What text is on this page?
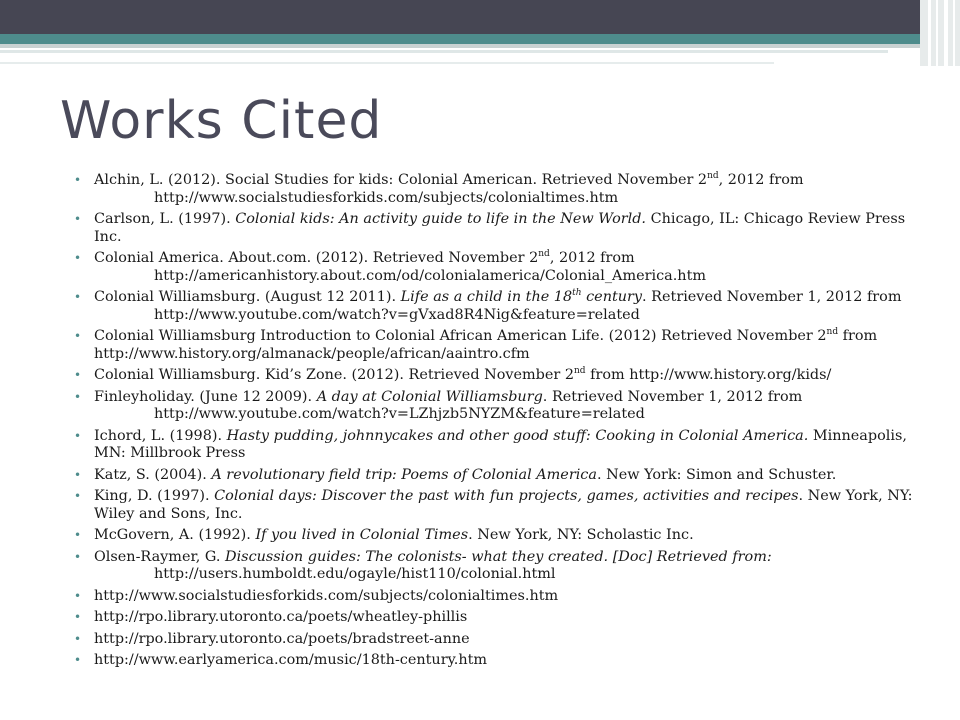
Works Cited
• Alchin, L. (2012). Social Studies for kids: Colonial American. Retrieved November 2nd, 2012 from
http://www.socialstudiesforkids.com/subjects/colonialtimes.htm
• Carlson, L. (1997). Colonial kids: An activity guide to life in the New World. Chicago, IL: Chicago Review Press
Inc.
• Colonial America. About.com. (2012). Retrieved November 2nd, 2012 from
http://americanhistory.about.com/od/colonialamerica/Colonial_America.htm
• Colonial Williamsburg. (August 12 2011). Life as a child in the 18th century. Retrieved November 1, 2012 from
http://www.youtube.com/watch?v=gVxad8R4Nig&feature=related
• Colonial Williamsburg Introduction to Colonial African American Life. (2012) Retrieved November 2nd from
http://www.history.org/almanack/people/african/aaintro.cfm
• Colonial Williamsburg. Kid’s Zone. (2012). Retrieved November 2nd from http://www.history.org/kids/
• Finleyholiday. (June 12 2009). A day at Colonial Williamsburg. Retrieved November 1, 2012 from
http://www.youtube.com/watch?v=LZhjzb5NYZM&feature=related
• Ichord, L. (1998). Hasty pudding, johnnycakes and other good stuff: Cooking in Colonial America. Minneapolis,
MN: Millbrook Press
• Katz, S. (2004). A revolutionary field trip: Poems of Colonial America. New York: Simon and Schuster.
• King, D. (1997). Colonial days: Discover the past with fun projects, games, activities and recipes. New York, NY:
Wiley and Sons, Inc.
• McGovern, A. (1992). If you lived in Colonial Times. New York, NY: Scholastic Inc.
• Olsen-Raymer, G. Discussion guides: The colonists- what they created. [Doc] Retrieved from:
http://users.humboldt.edu/ogayle/hist110/colonial.html
• http://www.socialstudiesforkids.com/subjects/colonialtimes.htm
• http://rpo.library.utoronto.ca/poets/wheatley-phillis
• http://rpo.library.utoronto.ca/poets/bradstreet-anne
• http://www.earlyamerica.com/music/18th-century.htm
